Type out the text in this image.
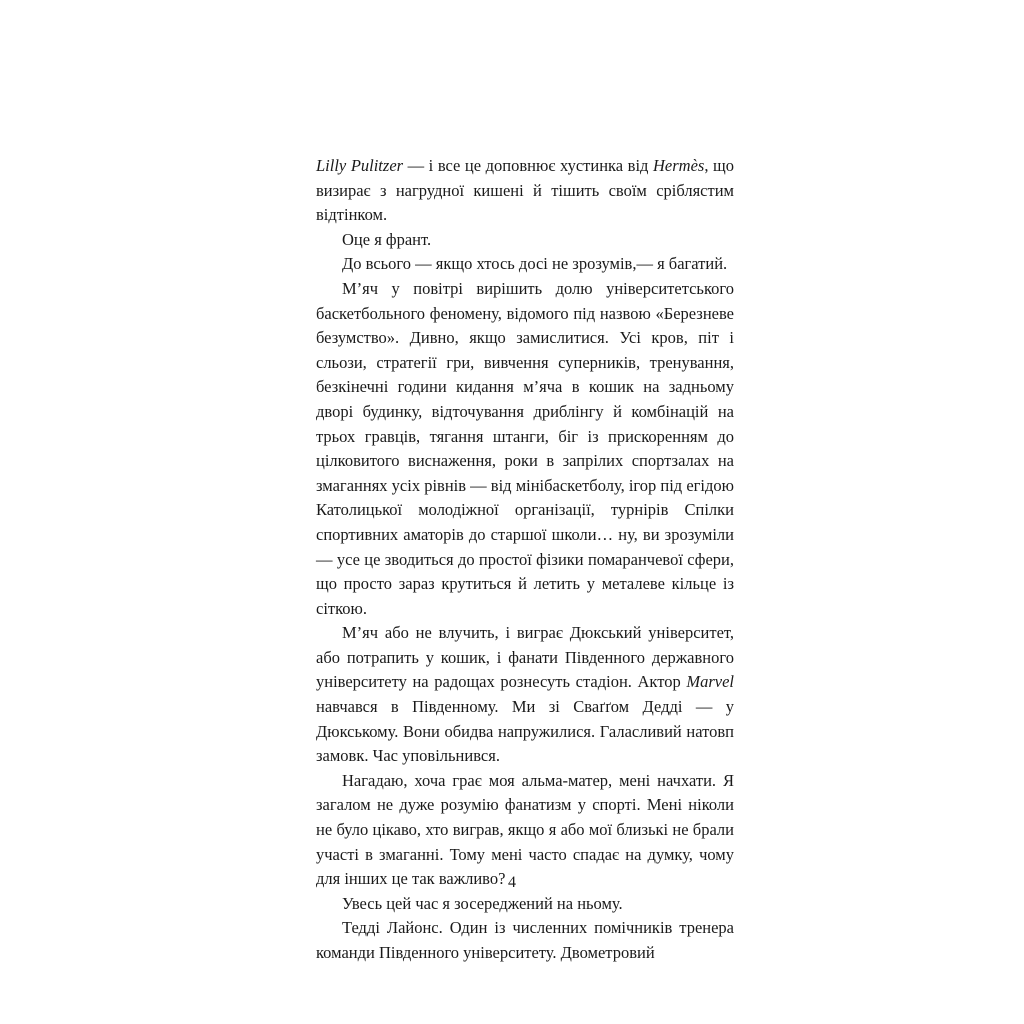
Lilly Pulitzer — і все це доповнює хустинка від Hermès, що визирає з нагрудної кишені й тішить своїм сріблястим відтінком.

Оце я франт.

До всього — якщо хтось досі не зрозумів,— я багатий.

М’яч у повітрі вирішить долю університетського баскетбольного феномену, відомого під назвою «Березневе безумство». Дивно, якщо замислитися. Усі кров, піт і сльози, стратегії гри, вивчення суперників, тренування, безкінечні години кидання м’яча в кошик на задньому дворі будинку, відточування дриблінгу й комбінацій на трьох гравців, тягання штанги, біг із прискоренням до цілковитого виснаження, роки в запрілих спортзалах на змаганнях усіх рівнів — від мінібаскетболу, ігор під егідою Католицької молодіжної організації, турнірів Спілки спортивних аматорів до старшої школи… ну, ви зрозуміли — усе це зводиться до простої фізики помаранчевої сфери, що просто зараз крутиться й летить у металеве кільце із сіткою.

М’яч або не влучить, і виграє Дюкський університет, або потрапить у кошик, і фанати Південного державного університету на радощах рознесуть стадіон. Актор Marvel навчався в Південному. Ми зі Сваґґом Дедді — у Дюкському. Вони обидва напружилися. Галасливий натовп замовк. Час уповільнився.

Нагадаю, хоча грає моя альма-матер, мені начхати. Я загалом не дуже розумію фанатизм у спорті. Мені ніколи не було цікаво, хто виграв, якщо я або мої близькі не брали участі в змаганні. Тому мені часто спадає на думку, чому для інших це так важливо?

Увесь цей час я зосереджений на ньому.

Тедді Лайонс. Один із численних помічників тренера команди Південного університету. Двометровий

4
